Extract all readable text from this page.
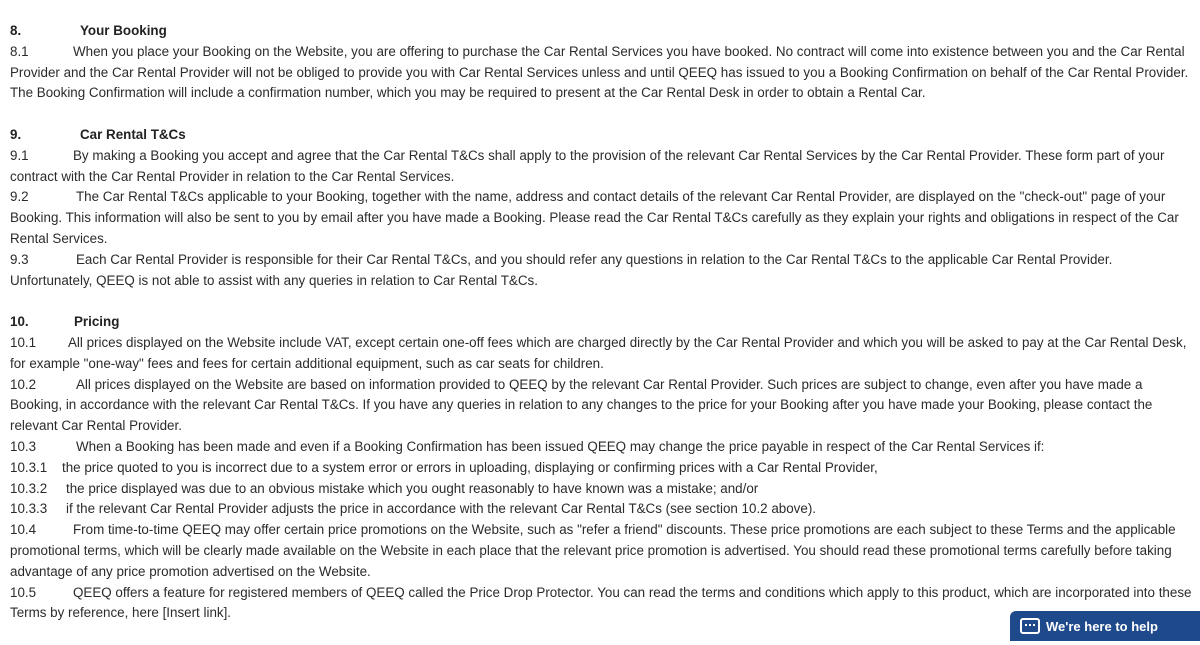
8.	Your Booking
8.1	When you place your Booking on the Website, you are offering to purchase the Car Rental Services you have booked. No contract will come into existence between you and the Car Rental Provider and the Car Rental Provider will not be obliged to provide you with Car Rental Services unless and until QEEQ has issued to you a Booking Confirmation on behalf of the Car Rental Provider. The Booking Confirmation will include a confirmation number, which you may be required to present at the Car Rental Desk in order to obtain a Rental Car.
9.	Car Rental T&Cs
9.1	By making a Booking you accept and agree that the Car Rental T&Cs shall apply to the provision of the relevant Car Rental Services by the Car Rental Provider. These form part of your contract with the Car Rental Provider in relation to the Car Rental Services.
9.2	The Car Rental T&Cs applicable to your Booking, together with the name, address and contact details of the relevant Car Rental Provider, are displayed on the "check-out" page of your Booking. This information will also be sent to you by email after you have made a Booking. Please read the Car Rental T&Cs carefully as they explain your rights and obligations in respect of the Car Rental Services.
9.3	Each Car Rental Provider is responsible for their Car Rental T&Cs, and you should refer any questions in relation to the Car Rental T&Cs to the applicable Car Rental Provider. Unfortunately, QEEQ is not able to assist with any queries in relation to Car Rental T&Cs.
10.	Pricing
10.1 All prices displayed on the Website include VAT, except certain one-off fees which are charged directly by the Car Rental Provider and which you will be asked to pay at the Car Rental Desk, for example "one-way" fees and fees for certain additional equipment, such as car seats for children.
10.2	All prices displayed on the Website are based on information provided to QEEQ by the relevant Car Rental Provider. Such prices are subject to change, even after you have made a Booking, in accordance with the relevant Car Rental T&Cs. If you have any queries in relation to any changes to the price for your Booking after you have made your Booking, please contact the relevant Car Rental Provider.
10.3	When a Booking has been made and even if a Booking Confirmation has been issued QEEQ may change the price payable in respect of the Car Rental Services if:
10.3.1 the price quoted to you is incorrect due to a system error or errors in uploading, displaying or confirming prices with a Car Rental Provider,
10.3.2 the price displayed was due to an obvious mistake which you ought reasonably to have known was a mistake; and/or
10.3.3 if the relevant Car Rental Provider adjusts the price in accordance with the relevant Car Rental T&Cs (see section 10.2 above).
10.4	From time-to-time QEEQ may offer certain price promotions on the Website, such as "refer a friend" discounts. These price promotions are each subject to these Terms and the applicable promotional terms, which will be clearly made available on the Website in each place that the relevant price promotion is advertised. You should read these promotional terms carefully before taking advantage of any price promotion advertised on the Website.
10.5	QEEQ offers a feature for registered members of QEEQ called the Price Drop Protector. You can read the terms and conditions which apply to this product, which are incorporated into these Terms by reference, here [Insert link].
We're here to help
